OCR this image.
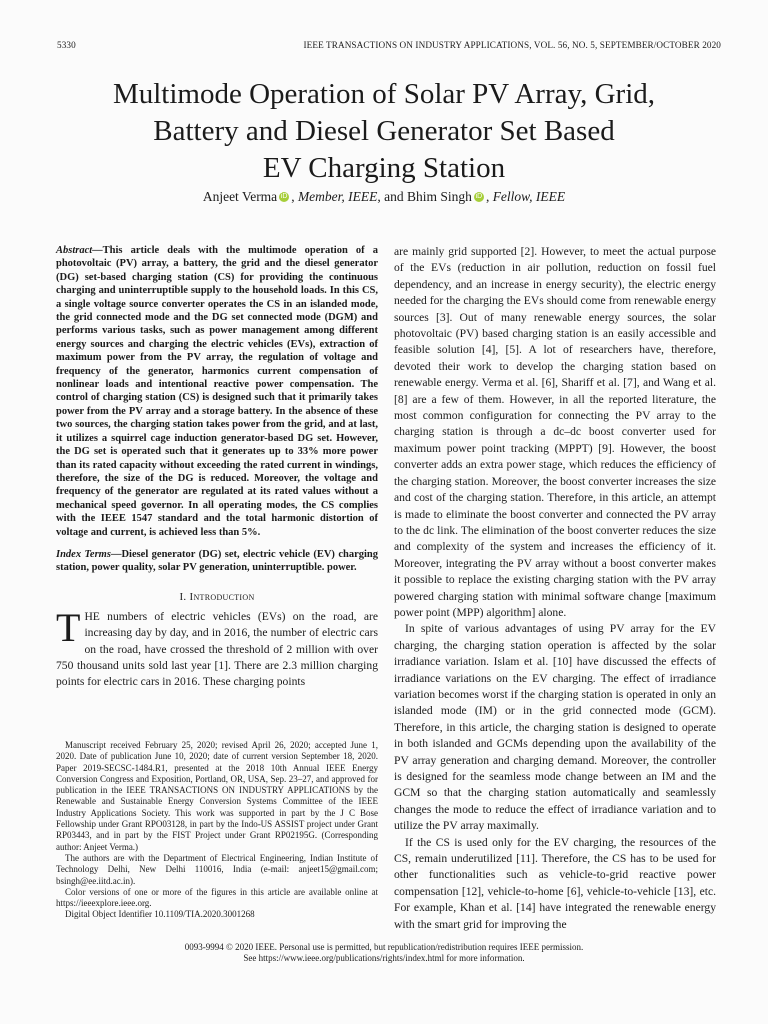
5330	IEEE TRANSACTIONS ON INDUSTRY APPLICATIONS, VOL. 56, NO. 5, SEPTEMBER/OCTOBER 2020
Multimode Operation of Solar PV Array, Grid,
Battery and Diesel Generator Set Based
EV Charging Station
Anjeet Verma iD , Member, IEEE, and Bhim Singh iD , Fellow, IEEE
Abstract—This article deals with the multimode operation of a photovoltaic (PV) array, a battery, the grid and the diesel generator (DG) set-based charging station (CS) for providing the continuous charging and uninterruptible supply to the household loads. In this CS, a single voltage source converter operates the CS in an islanded mode, the grid connected mode and the DG set connected mode (DGM) and performs various tasks, such as power management among different energy sources and charging the electric vehicles (EVs), extraction of maximum power from the PV array, the regulation of voltage and frequency of the generator, harmonics current compensation of nonlinear loads and intentional reactive power compensation. The control of charging station (CS) is designed such that it primarily takes power from the PV array and a storage battery. In the absence of these two sources, the charging station takes power from the grid, and at last, it utilizes a squirrel cage induction generator-based DG set. However, the DG set is operated such that it generates up to 33% more power than its rated capacity without exceeding the rated current in windings, therefore, the size of the DG is reduced. Moreover, the voltage and frequency of the generator are regulated at its rated values without a mechanical speed governor. In all operating modes, the CS complies with the IEEE 1547 standard and the total harmonic distortion of voltage and current, is achieved less than 5%.
Index Terms—Diesel generator (DG) set, electric vehicle (EV) charging station, power quality, solar PV generation, uninterruptible. power.
I. Introduction
THE numbers of electric vehicles (EVs) on the road, are increasing day by day, and in 2016, the number of electric cars on the road, have crossed the threshold of 2 million with over 750 thousand units sold last year [1]. There are 2.3 million charging points for electric cars in 2016. These charging points

Manuscript received February 25, 2020; revised April 26, 2020; accepted June 1, 2020. Date of publication June 10, 2020; date of current version September 18, 2020. Paper 2019-SECSC-1484.R1, presented at the 2018 10th Annual IEEE Energy Conversion Congress and Exposition, Portland, OR, USA, Sep. 23–27, and approved for publication in the IEEE TRANSACTIONS ON INDUSTRY APPLICATIONS by the Renewable and Sustainable Energy Conversion Systems Committee of the IEEE Industry Applications Society. This work was supported in part by the J C Bose Fellowship under Grant RPO03128, in part by the Indo-US ASSIST project under Grant RP03443, and in part by the FIST Project under Grant RP02195G. (Corresponding author: Anjeet Verma.)

The authors are with the Department of Electrical Engineering, Indian Institute of Technology Delhi, New Delhi 110016, India (e-mail: anjeet15@gmail.com; bsingh@ee.iitd.ac.in).

Color versions of one or more of the figures in this article are available online at https://ieeexplore.ieee.org.

Digital Object Identifier 10.1109/TIA.2020.3001268

are mainly grid supported [2]. However, to meet the actual purpose of the EVs (reduction in air pollution, reduction on fossil fuel dependency, and an increase in energy security), the electric energy needed for the charging the EVs should come from renewable energy sources [3]. Out of many renewable energy sources, the solar photovoltaic (PV) based charging station is an easily accessible and feasible solution [4], [5]. A lot of researchers have, therefore, devoted their work to develop the charging station based on renewable energy. Verma et al. [6], Shariff et al. [7], and Wang et al. [8] are a few of them. However, in all the reported literature, the most common configuration for connecting the PV array to the charging station is through a dc–dc boost converter used for maximum power point tracking (MPPT) [9]. However, the boost converter adds an extra power stage, which reduces the efficiency of the charging station. Moreover, the boost converter increases the size and cost of the charging station. Therefore, in this article, an attempt is made to eliminate the boost converter and connected the PV array to the dc link. The elimination of the boost converter reduces the size and complexity of the system and increases the efficiency of it. Moreover, integrating the PV array without a boost converter makes it possible to replace the existing charging station with the PV array powered charging station with minimal software change [maximum power point (MPP) algorithm] alone.

In spite of various advantages of using PV array for the EV charging, the charging station operation is affected by the solar irradiance variation. Islam et al. [10] have discussed the effects of irradiance variations on the EV charging. The effect of irradiance variation becomes worst if the charging station is operated in only an islanded mode (IM) or in the grid connected mode (GCM). Therefore, in this article, the charging station is designed to operate in both islanded and GCMs depending upon the availability of the PV array generation and charging demand. Moreover, the controller is designed for the seamless mode change between an IM and the GCM so that the charging station automatically and seamlessly changes the mode to reduce the effect of irradiance variation and to utilize the PV array maximally.

If the CS is used only for the EV charging, the resources of the CS, remain underutilized [11]. Therefore, the CS has to be used for other functionalities such as vehicle-to-grid reactive power compensation [12], vehicle-to-home [6], vehicle-to-vehicle [13], etc. For example, Khan et al. [14] have integrated the renewable energy with the smart grid for improving the

0093-9994 © 2020 IEEE. Personal use is permitted, but republication/redistribution requires IEEE permission.
See https://www.ieee.org/publications/rights/index.html for more information.
